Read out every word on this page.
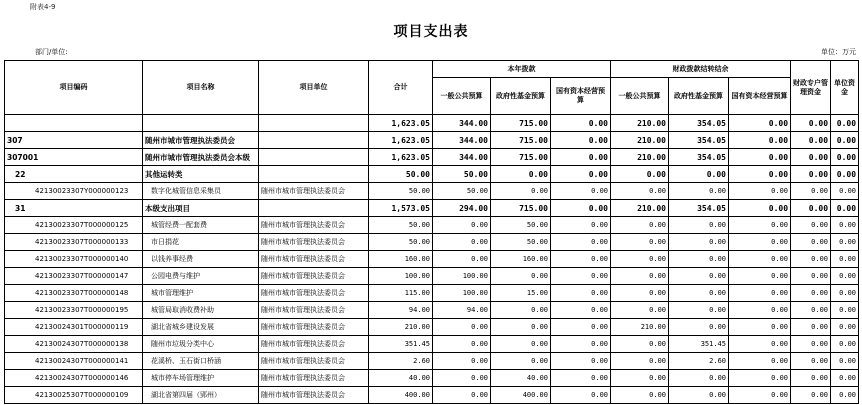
附表4-9
项目支出表
部门/单位:	单位：万元
项目编码	项目名称	项目单位	合计	本年拨款			财政拨款结转结余			财政专户管理资金	单位资金
				一般公共预算	政府性基金预算	国有资本经营预算	一般公共预算	政府性基金预算	国有资本经营预算		
			1,623.05	344.00	715.00	0.00	210.00	354.05	0.00	0.00	0.00
307	随州市城市管理执法委员会		1,623.05	344.00	715.00	0.00	210.00	354.05	0.00	0.00	0.00
307001	随州市城市管理执法委员会本级		1,623.05	344.00	715.00	0.00	210.00	354.05	0.00	0.00	0.00
22	其他运转类		50.00	50.00	0.00	0.00	0.00	0.00	0.00	0.00	0.00
42130023307Y000000123	数字化城管信息采集员	随州市城市管理执法委员会	50.00	50.00	0.00	0.00	0.00	0.00	0.00	0.00	0.00
31	本级支出项目		1,573.05	294.00	715.00	0.00	210.00	354.05	0.00	0.00	0.00
42130023307T000000125	城管经费一配套费	随州市城市管理执法委员会	50.00	0.00	50.00	0.00	0.00	0.00	0.00	0.00	0.00
42130023307T000000133	市日捐花	随州市城市管理执法委员会	50.00	0.00	50.00	0.00	0.00	0.00	0.00	0.00	0.00
42130023307T000000140	以钱养事经费	随州市城市管理执法委员会	160.00	0.00	160.00	0.00	0.00	0.00	0.00	0.00	0.00
42130023307T000000147	公园电费与维护	随州市城市管理执法委员会	100.00	100.00	0.00	0.00	0.00	0.00	0.00	0.00	0.00
42130023307T000000148	城市管理维护	随州市城市管理执法委员会	115.00	100.00	15.00	0.00	0.00	0.00	0.00	0.00	0.00
42130023307T000000195	城管局取消收费补助	随州市城市管理执法委员会	94.00	94.00	0.00	0.00	0.00	0.00	0.00	0.00	0.00
42130024301T000000119	湖北省城乡建设发展	随州市城市管理执法委员会	210.00	0.00	0.00	0.00	210.00	0.00	0.00	0.00	0.00
42130024307T000000138	随州市垃圾分类中心	随州市城市管理执法委员会	351.45	0.00	0.00	0.00	0.00	351.45	0.00	0.00	0.00
42130024307T000000141	花溪桥、玉石街口桥涵	随州市城市管理执法委员会	2.60	0.00	0.00	0.00	0.00	2.60	0.00	0.00	0.00
42130024307T000000146	城市停车场管理维护	随州市城市管理执法委员会	40.00	0.00	40.00	0.00	0.00	0.00	0.00	0.00	0.00
42130025307T000000109	湖北省第四届（郢州）	随州市城市管理执法委员会	400.00	0.00	400.00	0.00	0.00	0.00	0.00	0.00	0.00
